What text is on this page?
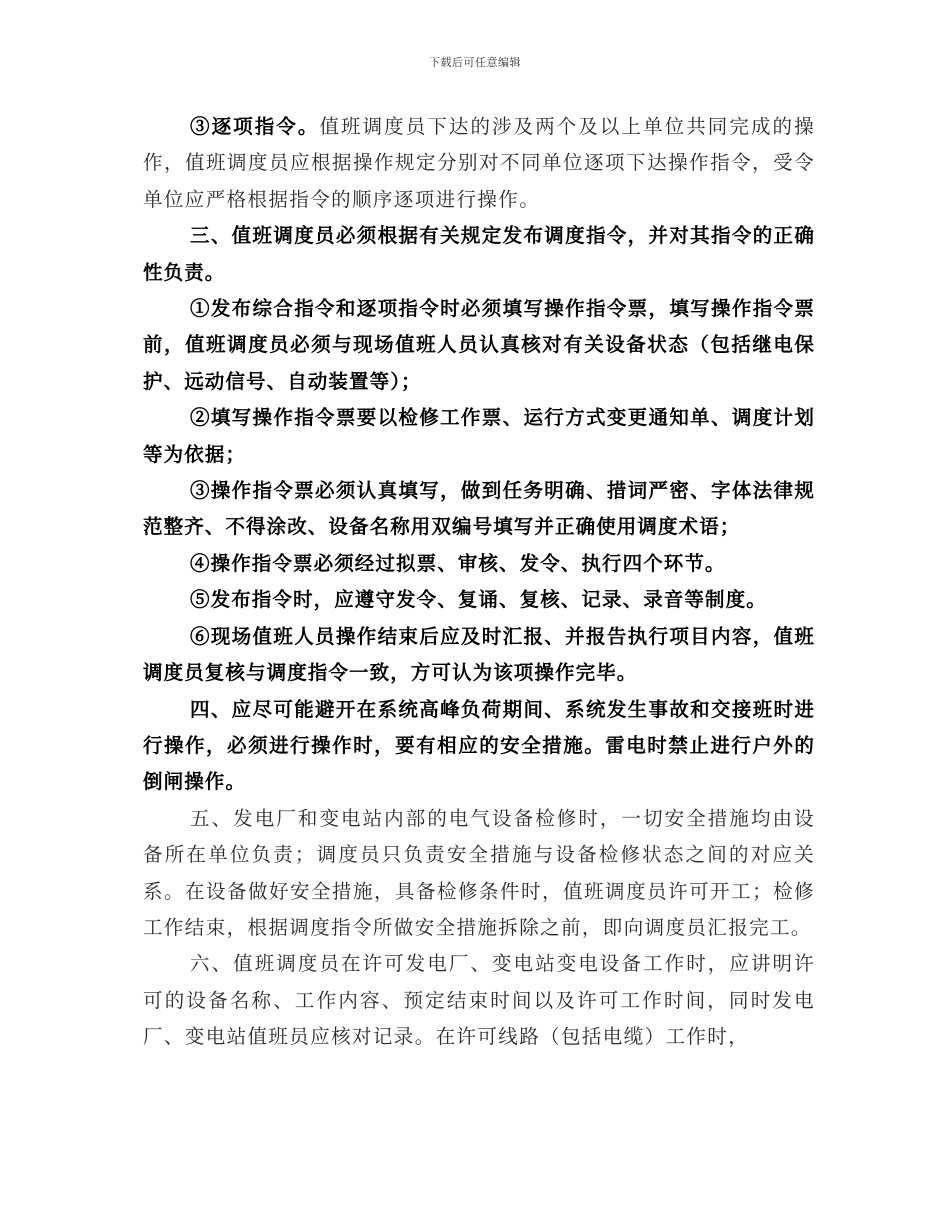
下载后可任意编辑

③逐项指令。值班调度员下达的涉及两个及以上单位共同完成的操作，值班调度员应根据操作规定分别对不同单位逐项下达操作指令，受令单位应严格根据指令的顺序逐项进行操作。

三、值班调度员必须根据有关规定发布调度指令，并对其指令的正确性负责。

①发布综合指令和逐项指令时必须填写操作指令票，填写操作指令票前，值班调度员必须与现场值班人员认真核对有关设备状态（包括继电保护、远动信号、自动装置等）；

②填写操作指令票要以检修工作票、运行方式变更通知单、调度计划等为依据；

③操作指令票必须认真填写，做到任务明确、措词严密、字体法律规范整齐、不得涂改、设备名称用双编号填写并正确使用调度术语；

④操作指令票必须经过拟票、审核、发令、执行四个环节。

⑤发布指令时，应遵守发令、复诵、复核、记录、录音等制度。

⑥现场值班人员操作结束后应及时汇报、并报告执行项目内容，值班调度员复核与调度指令一致，方可认为该项操作完毕。

四、应尽可能避开在系统高峰负荷期间、系统发生事故和交接班时进行操作，必须进行操作时，要有相应的安全措施。雷电时禁止进行户外的倒闸操作。

五、发电厂和变电站内部的电气设备检修时，一切安全措施均由设备所在单位负责；调度员只负责安全措施与设备检修状态之间的对应关系。在设备做好安全措施，具备检修条件时，值班调度员许可开工；检修工作结束，根据调度指令所做安全措施拆除之前，即向调度员汇报完工。

六、值班调度员在许可发电厂、变电站变电设备工作时，应讲明许可的设备名称、工作内容、预定结束时间以及许可工作时间，同时发电厂、变电站值班员应核对记录。在许可线路（包括电缆）工作时，
